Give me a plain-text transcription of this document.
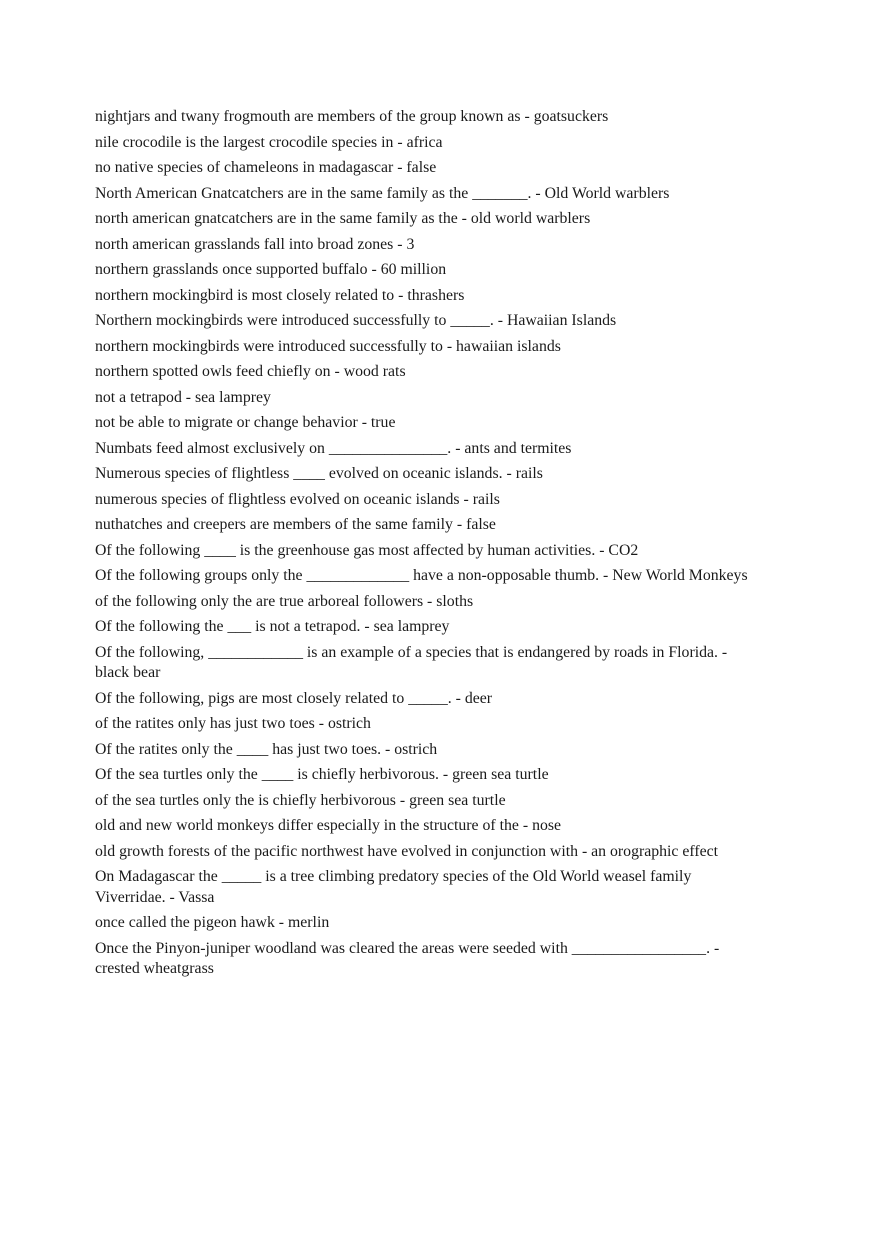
nightjars and twany frogmouth are members of the group known as - goatsuckers

nile crocodile is the largest crocodile species in - africa

no native species of chameleons in madagascar - false

North American Gnatcatchers are in the same family as the _______. - Old World warblers

north american gnatcatchers are in the same family as the - old world warblers

north american grasslands fall into broad zones - 3

northern grasslands once supported buffalo - 60 million

northern mockingbird is most closely related to - thrashers

Northern mockingbirds were introduced successfully to _____. - Hawaiian Islands

northern mockingbirds were introduced successfully to - hawaiian islands

northern spotted owls feed chiefly on - wood rats

not a tetrapod - sea lamprey

not be able to migrate or change behavior - true

Numbats feed almost exclusively on _______________. - ants and termites

Numerous species of flightless ____ evolved on oceanic islands. - rails

numerous species of flightless evolved on oceanic islands - rails

nuthatches and creepers are members of the same family - false

Of the following ____ is the greenhouse gas most affected by human activities. - CO2

Of the following groups only the _____________ have a non-opposable thumb. - New World Monkeys

of the following only the are true arboreal followers - sloths

Of the following the ___ is not a tetrapod. - sea lamprey

Of the following, ____________ is an example of a species that is endangered by roads in Florida. - black bear

Of the following, pigs are most closely related to _____. - deer

of the ratites only has just two toes - ostrich

Of the ratites only the ____ has just two toes. - ostrich

Of the sea turtles only the ____ is chiefly herbivorous. - green sea turtle

of the sea turtles only the is chiefly herbivorous - green sea turtle

old and new world monkeys differ especially in the structure of the - nose

old growth forests of the pacific northwest have evolved in conjunction with - an orographic effect

On Madagascar the _____ is a tree climbing predatory species of the Old World weasel family Viverridae. - Vassa

once called the pigeon hawk - merlin

Once the Pinyon-juniper woodland was cleared the areas were seeded with _________________. - crested wheatgrass
